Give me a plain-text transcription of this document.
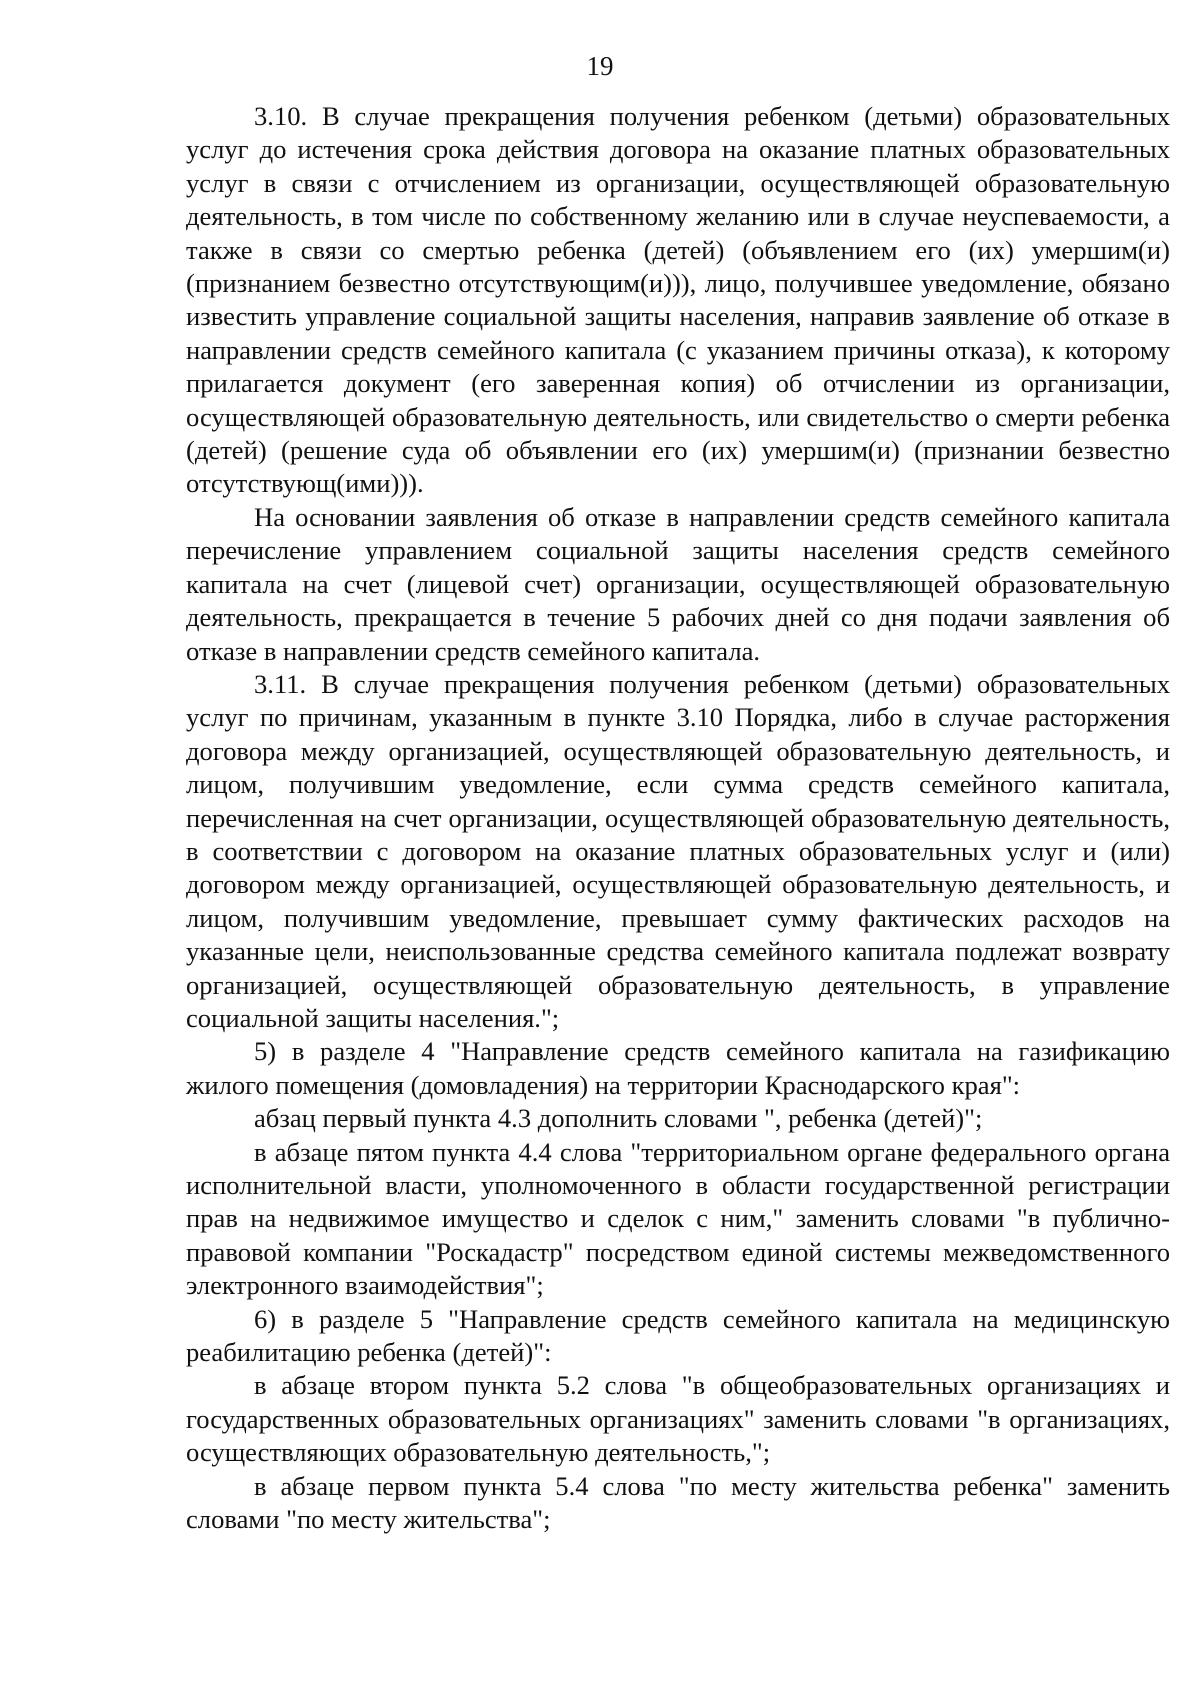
19

3.10. В случае прекращения получения ребенком (детьми) образовательных услуг до истечения срока действия договора на оказание платных образовательных услуг в связи с отчислением из организации, осуществляющей образовательную деятельность, в том числе по собственному желанию или в случае неуспеваемости, а также в связи со смертью ребенка (детей) (объявлением его (их) умершим(и) (признанием безвестно отсутствующим(и))), лицо, получившее уведомление, обязано известить управление социальной защиты населения, направив заявление об отказе в направлении средств семейного капитала (с указанием причины отказа), к которому прилагается документ (его заверенная копия) об отчислении из организации, осуществляющей образовательную деятельность, или свидетельство о смерти ребенка (детей) (решение суда об объявлении его (их) умершим(и) (признании безвестно отсутствующ(ими))).

На основании заявления об отказе в направлении средств семейного капитала перечисление управлением социальной защиты населения средств семейного капитала на счет (лицевой счет) организации, осуществляющей образовательную деятельность, прекращается в течение 5 рабочих дней со дня подачи заявления об отказе в направлении средств семейного капитала.

3.11. В случае прекращения получения ребенком (детьми) образовательных услуг по причинам, указанным в пункте 3.10 Порядка, либо в случае расторжения договора между организацией, осуществляющей образовательную деятельность, и лицом, получившим уведомление, если сумма средств семейного капитала, перечисленная на счет организации, осуществляющей образовательную деятельность, в соответствии с договором на оказание платных образовательных услуг и (или) договором между организацией, осуществляющей образовательную деятельность, и лицом, получившим уведомление, превышает сумму фактических расходов на указанные цели, неиспользованные средства семейного капитала подлежат возврату организацией, осуществляющей образовательную деятельность, в управление социальной защиты населения.";

5) в разделе 4 "Направление средств семейного капитала на газификацию жилого помещения (домовладения) на территории Краснодарского края":

абзац первый пункта 4.3 дополнить словами ", ребенка (детей)";

в абзаце пятом пункта 4.4 слова "территориальном органе федерального органа исполнительной власти, уполномоченного в области государственной регистрации прав на недвижимое имущество и сделок с ним," заменить словами "в публично-правовой компании "Роскадастр" посредством единой системы межведомственного электронного взаимодействия";

6) в разделе 5 "Направление средств семейного капитала на медицинскую реабилитацию ребенка (детей)":

в абзаце втором пункта 5.2 слова "в общеобразовательных организациях и государственных образовательных организациях" заменить словами "в организациях, осуществляющих образовательную деятельность,";

в абзаце первом пункта 5.4 слова "по месту жительства ребенка" заменить словами "по месту жительства";
